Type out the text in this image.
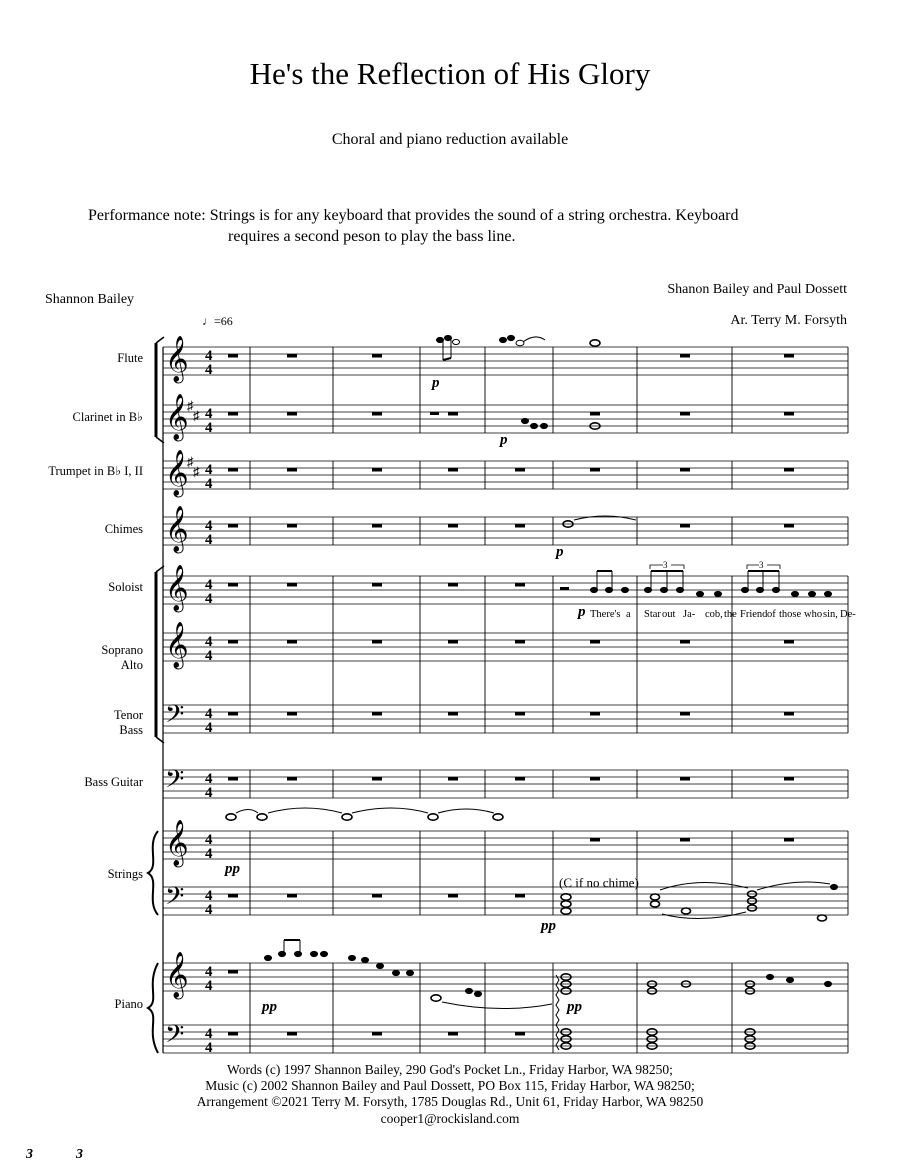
He's the Reflection of His Glory
Choral and piano reduction available
Performance note: Strings is for any keyboard that provides the sound of a string orchestra. Keyboard
requires a second peson to play the bass line.
Shannon Bailey
Shanon Bailey and Paul Dossett
Ar. Terry M. Forsyth
♩=66
Flute
Clarinet in B♭
Trumpet in B♭ I, II
Chimes
Soloist
Soprano
Alto
Tenor
Bass
Bass Guitar
Strings
Piano
𝄞
𝄞
𝄞
𝄞
𝄞
𝄞
𝄞
𝄞
𝄢
𝄢
𝄢
𝄢
♯
♯
♯
♯
4
4
4
4
4
4
4
4
4
4
4
4
4
4
4
4
4
4
4
4
4
4
4
4
p
p
p
p
pp
pp
pp	pp
(C if no chime)
3	3
There's a Star out Ja- cob, the Friend of those who sin, De-
Words (c) 1997 Shannon Bailey, 290 God's Pocket Ln., Friday Harbor, WA 98250;
Music (c) 2002 Shannon Bailey and Paul Dossett, PO Box 115, Friday Harbor, WA 98250;
Arrangement ©2021 Terry M. Forsyth, 1785 Douglas Rd., Unit 61, Friday Harbor, WA 98250
cooper1@rockisland.com
3	3
